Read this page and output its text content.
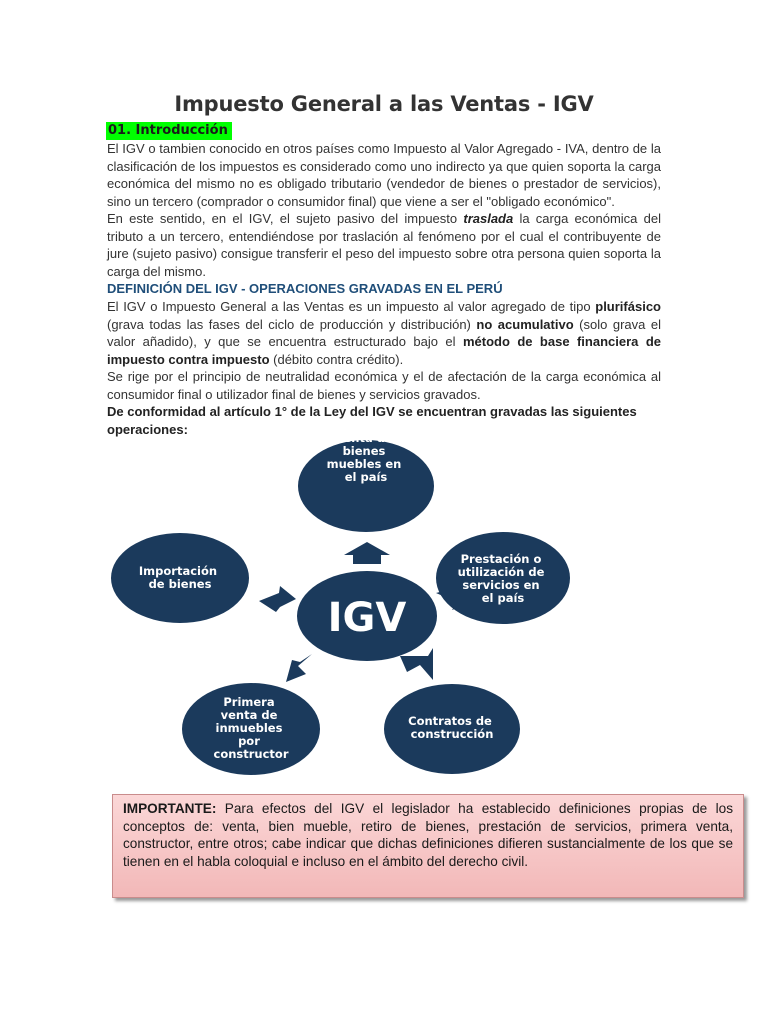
Impuesto General a las Ventas - IGV
01. Introducción
El IGV o tambien conocido en otros países como Impuesto al Valor Agregado - IVA, dentro de la clasificación de los impuestos es considerado como uno indirecto ya que quien soporta la carga económica del mismo no es obligado tributario (vendedor de bienes o prestador de servicios), sino un tercero (comprador o consumidor final) que viene a ser el "obligado económico".
En este sentido, en el IGV, el sujeto pasivo del impuesto traslada la carga económica del tributo a un tercero, entendiéndose por traslación al fenómeno por el cual el contribuyente de jure (sujeto pasivo) consigue transferir el peso del impuesto sobre otra persona quien soporta la carga del mismo.
DEFINICIÓN DEL IGV - OPERACIONES GRAVADAS EN EL PERÚ
El IGV o Impuesto General a las Ventas es un impuesto al valor agregado de tipo plurifásico (grava todas las fases del ciclo de producción y distribución) no acumulativo (solo grava el valor añadido), y que se encuentra estructurado bajo el método de base financiera de impuesto contra impuesto (débito contra crédito).
Se rige por el principio de neutralidad económica y el de afectación de la carga económica al consumidor final o utilizador final de bienes y servicios gravados.
De conformidad al artículo 1° de la Ley del IGV se encuentran gravadas las siguientes operaciones:
IGV
Venta de bienes muebles en el país
Prestación o utilización de servicios en el país
Contratos de construcción
Primera venta de inmuebles por constructor
Importación de bienes
IMPORTANTE: Para efectos del IGV el legislador ha establecido definiciones propias de los conceptos de: venta, bien mueble, retiro de bienes, prestación de servicios, primera venta, constructor, entre otros; cabe indicar que dichas definiciones difieren sustancialmente de los que se tienen en el habla coloquial e incluso en el ámbito del derecho civil.
